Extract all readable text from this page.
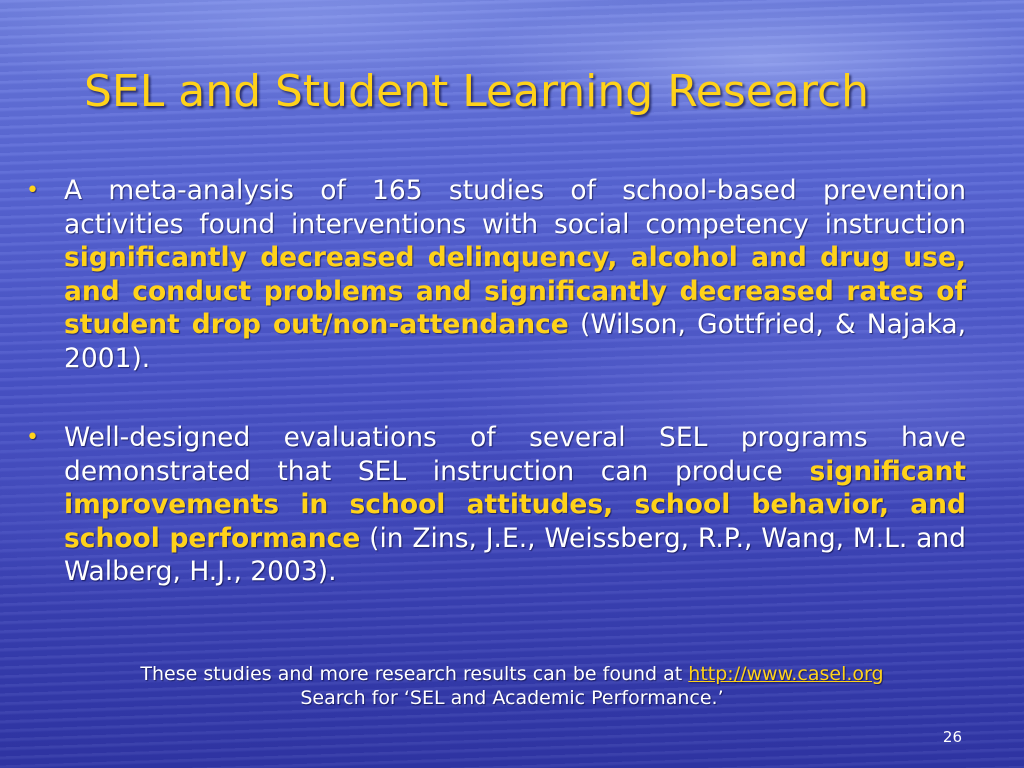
SEL and Student Learning Research
• A meta-analysis of 165 studies of school-based prevention activities found interventions with social competency instruction significantly decreased delinquency, alcohol and drug use, and conduct problems and significantly decreased rates of student drop out/non-attendance (Wilson, Gottfried, & Najaka, 2001).
• Well-designed evaluations of several SEL programs have demonstrated that SEL instruction can produce significant improvements in school attitudes, school behavior, and school performance (in Zins, J.E., Weissberg, R.P., Wang, M.L. and Walberg, H.J., 2003).
These studies and more research results can be found at http://www.casel.org
Search for ‘SEL and Academic Performance.’
26
